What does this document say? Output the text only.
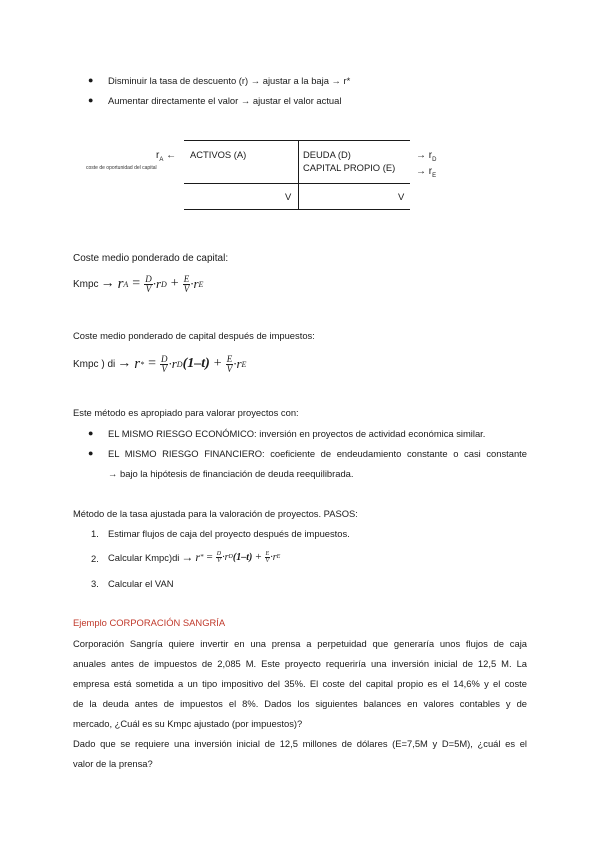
● Disminuir la tasa de descuento (r) → ajustar a la baja → r*
● Aumentar directamente el valor → ajustar el valor actual
$r_A$ ←
coste de oportunidad del capital
ACTIVOS (A)	DEUDA (D)
CAPITAL PROPIO (E)
→ $r_D$
→ $r_E$
V	V
Coste medio ponderado de capital:
Kmpc → r $A = \frac{D}{V} \cdot r$ $D + \frac{E}{V} \cdot r$ E
Coste medio ponderado de capital después de impuestos:
Kmpc ) di → r * = $\frac{D}{V} \cdot r$ D $(1-t) + \frac{E}{V} \cdot r$ E
Este método es apropiado para valorar proyectos con:
● EL MISMO RIESGO ECONÓMICO: inversión en proyectos de actividad económica similar.
● EL MISMO RIESGO FINANCIERO: coeficiente de endeudamiento constante o casi constante
→ bajo la hipótesis de financiación de deuda reequilibrada.
Método de la tasa ajustada para la valoración de proyectos. PASOS:
1. Estimar flujos de caja del proyecto después de impuestos.
2. Calcular Kmpc)di → r * = $\frac{D}{V} \cdot r$ D $(1-t) + \frac{E}{V} \cdot r$ E
3. Calcular el VAN
Ejemplo CORPORACIÓN SANGRÍA
Corporación Sangría quiere invertir en una prensa a perpetuidad que generaría unos flujos de caja
anuales antes de impuestos de 2,085 M. Este proyecto requeriría una inversión inicial de 12,5 M. La
empresa está sometida a un tipo impositivo del 35%. El coste del capital propio es el 14,6% y el coste
de la deuda antes de impuestos el 8%. Dados los siguientes balances en valores contables y de
mercado, ¿Cuál es su Kmpc ajustado (por impuestos)?
Dado que se requiere una inversión inicial de 12,5 millones de dólares (E=7,5M y D=5M), ¿cuál es el
valor de la prensa?
